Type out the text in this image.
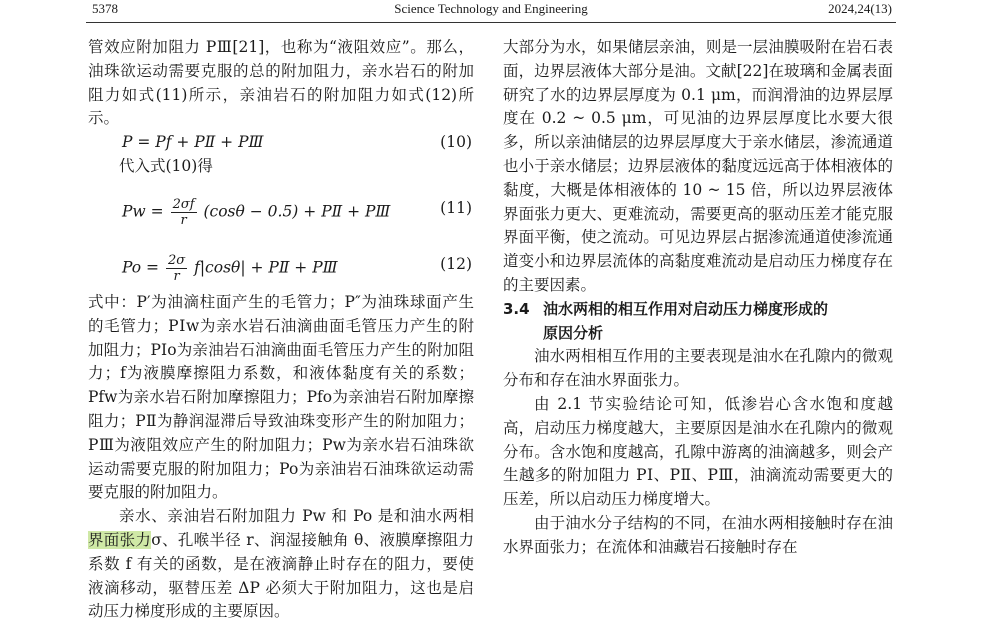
5378	Science Technology and Engineering	2024,24(13)

管效应附加阻力 PⅢ[21]，也称为“液阻效应”。那么，油珠欲运动需要克服的总的附加阻力，亲水岩石的附加阻力如式(11)所示，亲油岩石的附加阻力如式(12)所示。

P = Pf + PⅡ + PⅢ	(10)

代入式(10)得

$Pw = \frac{2\sigma f}{r} (\cos\theta - 0.5)$ + PⅡ + PⅢ	(11)
$Po = \frac{2\sigma}{r} f|\cos\theta|$ + PⅡ + PⅢ	(12)

式中：P′为油滴柱面产生的毛管力；P″为油珠球面产生的毛管力；PⅠw为亲水岩石油滴曲面毛管压力产生的附加阻力；PⅠo为亲油岩石油滴曲面毛管压力产生的附加阻力；f为液膜摩擦阻力系数，和液体黏度有关的系数；Pfw为亲水岩石附加摩擦阻力；Pfo为亲油岩石附加摩擦阻力；PⅡ为静润湿滞后导致油珠变形产生的附加阻力；PⅢ为液阻效应产生的附加阻力；Pw为亲水岩石油珠欲运动需要克服的附加阻力；Po为亲油岩石油珠欲运动需要克服的附加阻力。

亲水、亲油岩石附加阻力 Pw 和 Po 是和油水两相界面张力σ、孔喉半径 r、润湿接触角 θ、液膜摩擦阻力系数 f 有关的函数，是在液滴静止时存在的阻力，要使液滴移动，驱替压差 ΔP 必须大于附加阻力，这也是启动压力梯度形成的主要原因。

大部分为水，如果储层亲油，则是一层油膜吸附在岩石表面，边界层液体大部分是油。文献[22]在玻璃和金属表面研究了水的边界层厚度为 0.1 μm，而润滑油的边界层厚度在 0.2 ~ 0.5 μm，可见油的边界层厚度比水要大很多，所以亲油储层的边界层厚度大于亲水储层，渗流通道也小于亲水储层；边界层液体的黏度远远高于体相液体的黏度，大概是体相液体的 10 ~ 15 倍，所以边界层液体界面张力更大、更难流动，需要更高的驱动压差才能克服界面平衡，使之流动。可见边界层占据渗流通道使渗流通道变小和边界层流体的高黏度难流动是启动压力梯度存在的主要因素。

3.4 油水两相的相互作用对启动压力梯度形成的
原因分析

油水两相相互作用的主要表现是油水在孔隙内的微观分布和存在油水界面张力。

由 2.1 节实验结论可知，低渗岩心含水饱和度越高，启动压力梯度越大，主要原因是油水在孔隙内的微观分布。含水饱和度越高，孔隙中游离的油滴越多，则会产生越多的附加阻力 PⅠ、PⅡ、PⅢ，油滴流动需要更大的压差，所以启动压力梯度增大。

由于油水分子结构的不同，在油水两相接触时存在油水界面张力；在流体和油藏岩石接触时存在
